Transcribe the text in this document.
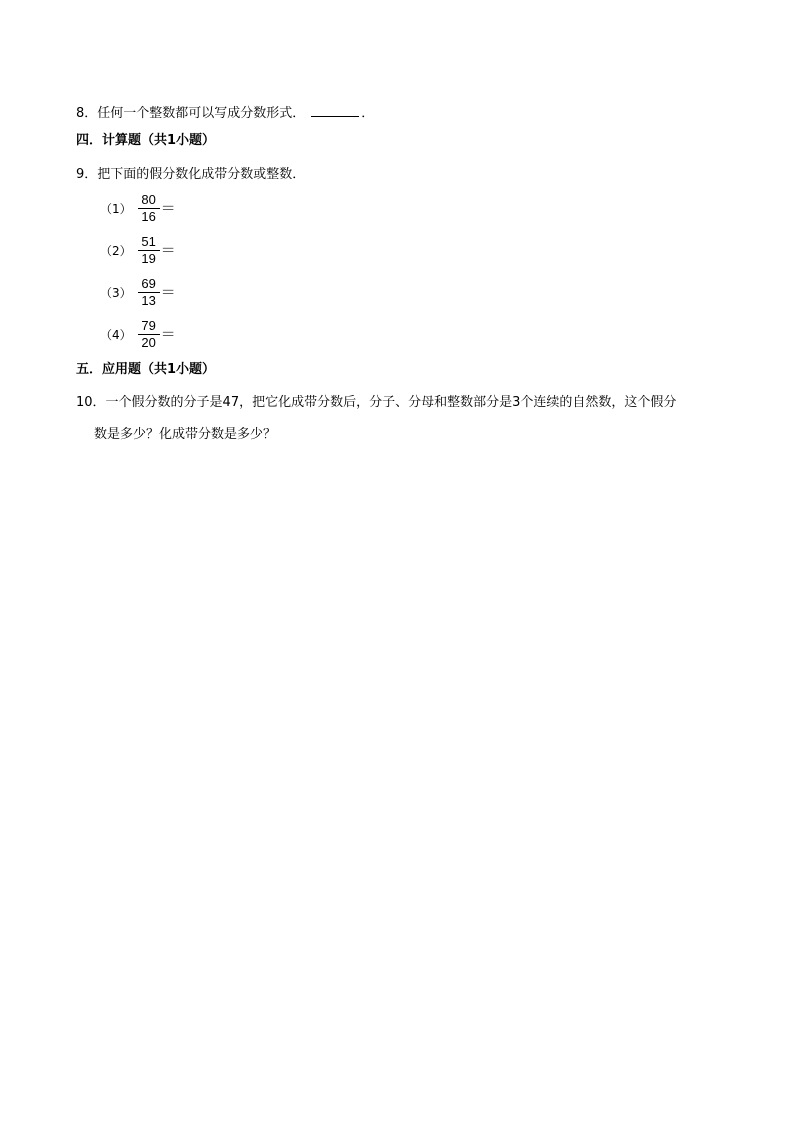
8．任何一个整数都可以写成分数形式．	．
四．计算题（共1小题）
9．把下面的假分数化成带分数或整数．
$(1) \frac{80}{16}$ ＝
$(2) \frac{51}{19}$ ＝
$(3) \frac{69}{13}$ ＝
$(4) \frac{79}{20}$ ＝
五．应用题（共1小题）
10．一个假分数的分子是47，把它化成带分数后，分子、分母和整数部分是3个连续的自然数，这个假分
数是多少？化成带分数是多少？
